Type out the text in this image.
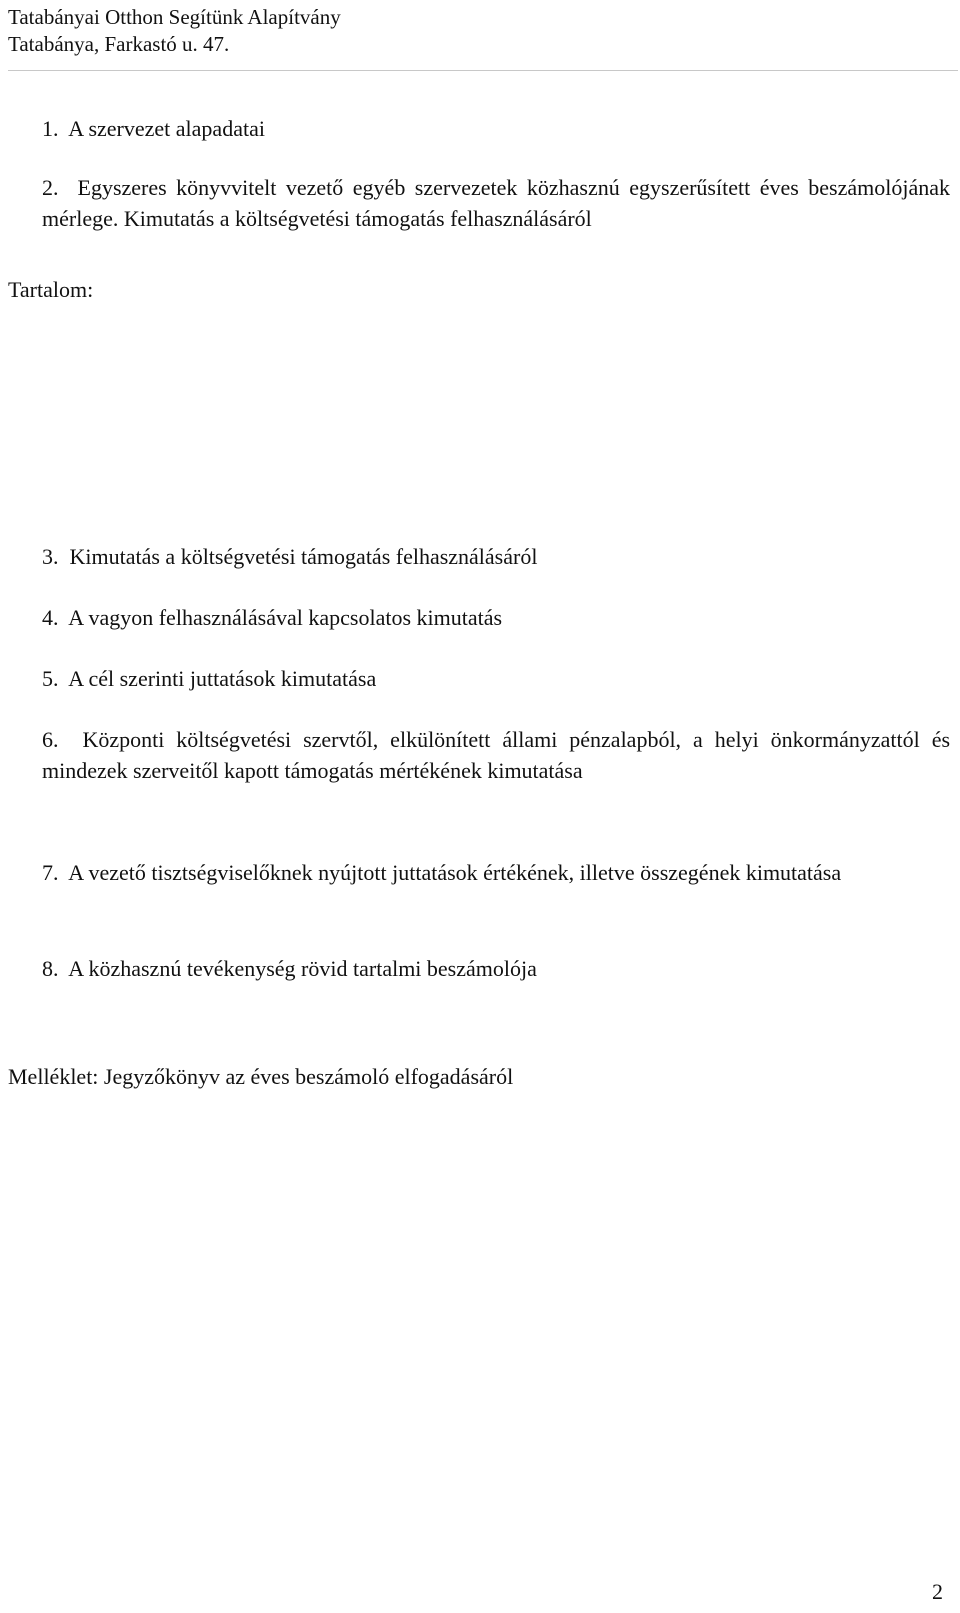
Tatabányai Otthon Segítünk Alapítvány
Tatabánya, Farkastó u. 47.
Tartalom:
1.  A szervezet alapadatai
2.  Egyszeres könyvvitelt vezető egyéb szervezetek közhasznú egyszerűsített éves beszámolójának mérlege. Kimutatás a költségvetési támogatás felhasználásáról
3.  Kimutatás a költségvetési támogatás felhasználásáról
4.  A vagyon felhasználásával kapcsolatos kimutatás
5.  A cél szerinti juttatások kimutatása
6.  Központi költségvetési szervtől, elkülönített állami pénzalapból, a helyi önkormányzattól és mindezek szerveitől kapott támogatás mértékének kimutatása
7.  A vezető tisztségviselőknek nyújtott juttatások értékének, illetve összegének kimutatása
8.  A közhasznú tevékenység rövid tartalmi beszámolója
Melléklet: Jegyzőkönyv az éves beszámoló elfogadásáról
2
